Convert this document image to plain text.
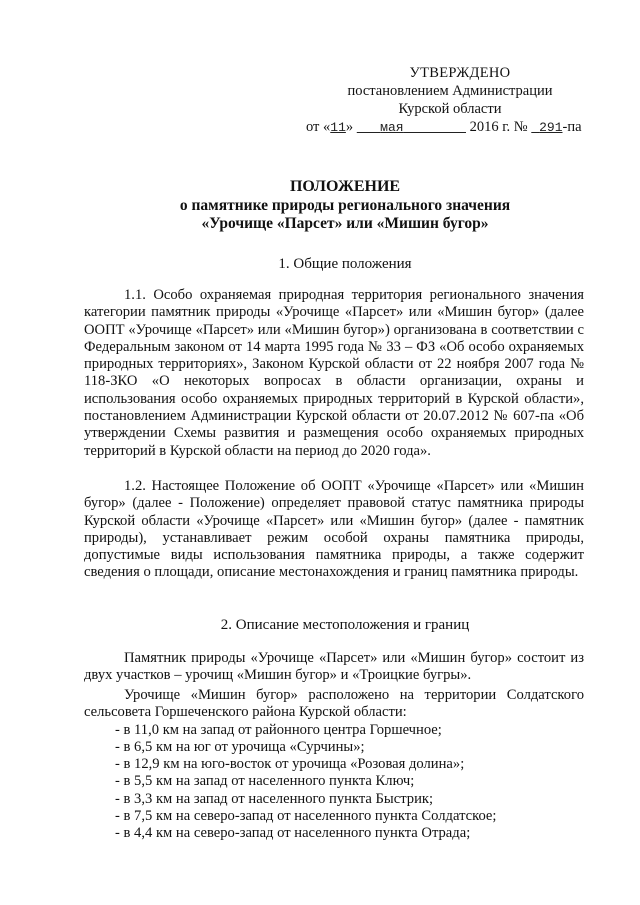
УТВЕРЖДЕНО
постановлением Администрации
Курской области
от «11» мая	2016 г. № 291-па
ПОЛОЖЕНИЕ
о памятнике природы регионального значения
«Урочище «Парсет» или «Мишин бугор»
1. Общие положения

1.1. Особо охраняемая природная территория регионального значения категории памятник природы «Урочище «Парсет» или «Мишин бугор» (далее ООПТ «Урочище «Парсет» или «Мишин бугор») организована в соответствии с Федеральным законом от 14 марта 1995 года № 33 – ФЗ «Об особо охраняемых природных территориях», Законом Курской области от 22 ноября 2007 года № 118-ЗКО «О некоторых вопросах в области организации, охраны и использования особо охраняемых природных территорий в Курской области», постановлением Администрации Курской области от 20.07.2012 № 607-па «Об утверждении Схемы развития и размещения особо охраняемых природных территорий в Курской области на период до 2020 года».

1.2. Настоящее Положение об ООПТ «Урочище «Парсет» или «Мишин бугор» (далее - Положение) определяет правовой статус памятника природы Курской области «Урочище «Парсет» или «Мишин бугор» (далее - памятник природы), устанавливает режим особой охраны памятника природы, допустимые виды использования памятника природы, а также содержит сведения о площади, описание местонахождения и границ памятника природы.

2. Описание местоположения и границ

Памятник природы «Урочище «Парсет» или «Мишин бугор» состоит из двух участков – урочищ «Мишин бугор» и «Троицкие бугры».

Урочище «Мишин бугор» расположено на территории Солдатского сельсовета Горшеченского района Курской области:

- в 11,0 км на запад от районного центра Горшечное;
- в 6,5 км на юг от урочища «Сурчины»;
- в 12,9 км на юго-восток от урочища «Розовая долина»;
- в 5,5 км на запад от населенного пункта Ключ;
- в 3,3 км на запад от населенного пункта Быстрик;
- в 7,5 км на северо-запад от населенного пункта Солдатское;
- в 4,4 км на северо-запад от населенного пункта Отрада;
